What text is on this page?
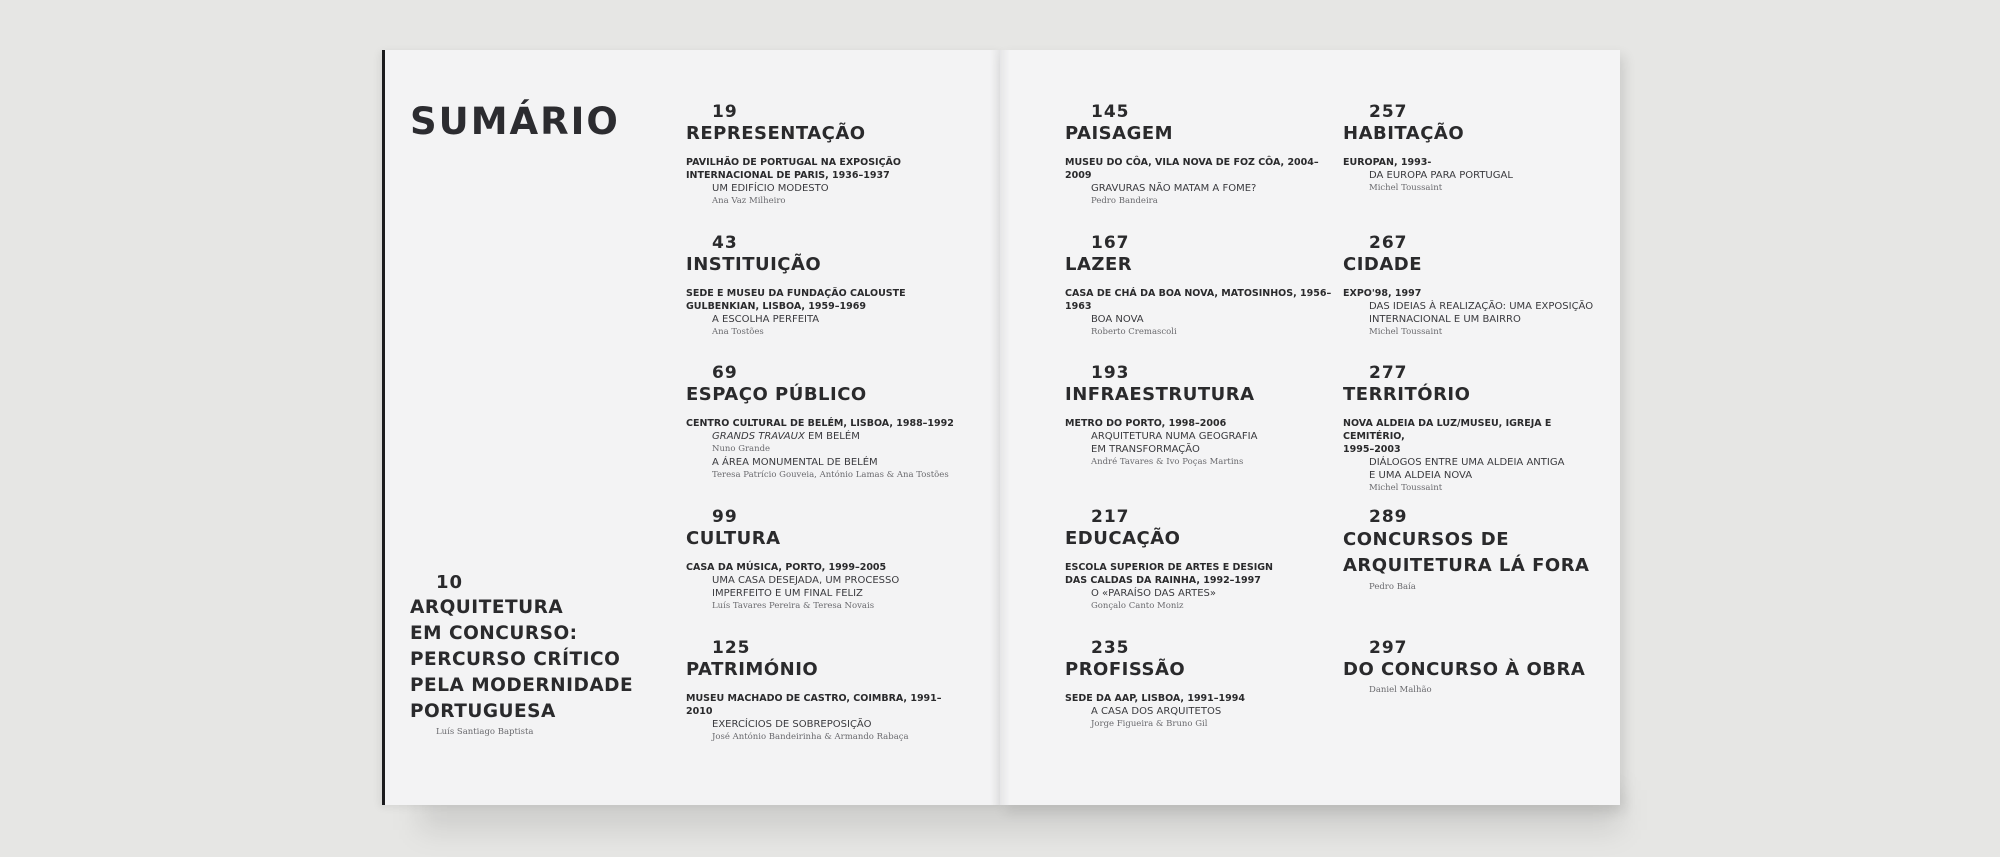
SUMÁRIO
10
ARQUITETURA
EM CONCURSO:
PERCURSO CRÍTICO
PELA MODERNIDADE
PORTUGUESA
Luís Santiago Baptista
19
REPRESENTAÇÃO
PAVILHÃO DE PORTUGAL NA EXPOSIÇÃO
INTERNACIONAL DE PARIS, 1936–1937
UM EDIFÍCIO MODESTO
Ana Vaz Milheiro
43
INSTITUIÇÃO
SEDE E MUSEU DA FUNDAÇÃO CALOUSTE
GULBENKIAN, LISBOA, 1959–1969
A ESCOLHA PERFEITA
Ana Tostões
69
ESPAÇO PÚBLICO
CENTRO CULTURAL DE BELÉM, LISBOA, 1988–1992
GRANDS TRAVAUX EM BELÉM
Nuno Grande
A ÁREA MONUMENTAL DE BELÉM
Teresa Patrício Gouveia, António Lamas & Ana Tostões
99
CULTURA
CASA DA MÚSICA, PORTO, 1999–2005
UMA CASA DESEJADA, UM PROCESSO
IMPERFEITO E UM FINAL FELIZ
Luís Tavares Pereira & Teresa Novais
125
PATRIMÓNIO
MUSEU MACHADO DE CASTRO, COIMBRA, 1991–2010
EXERCÍCIOS DE SOBREPOSIÇÃO
José António Bandeirinha & Armando Rabaça
145
PAISAGEM
MUSEU DO CÔA, VILA NOVA DE FOZ CÔA, 2004–2009
GRAVURAS NÃO MATAM A FOME?
Pedro Bandeira
167
LAZER
CASA DE CHÁ DA BOA NOVA, MATOSINHOS, 1956–1963
BOA NOVA
Roberto Cremascoli
193
INFRAESTRUTURA
METRO DO PORTO, 1998–2006
ARQUITETURA NUMA GEOGRAFIA
EM TRANSFORMAÇÃO
André Tavares & Ivo Poças Martins
217
EDUCAÇÃO
ESCOLA SUPERIOR DE ARTES E DESIGN
DAS CALDAS DA RAINHA, 1992–1997
O «PARAÍSO DAS ARTES»
Gonçalo Canto Moniz
235
PROFISSÃO
SEDE DA AAP, LISBOA, 1991–1994
A CASA DOS ARQUITETOS
Jorge Figueira & Bruno Gil
257
HABITAÇÃO
EUROPAN, 1993-
DA EUROPA PARA PORTUGAL
Michel Toussaint
267
CIDADE
EXPO'98, 1997
DAS IDEIAS À REALIZAÇÃO: UMA EXPOSIÇÃO
INTERNACIONAL E UM BAIRRO
Michel Toussaint
277
TERRITÓRIO
NOVA ALDEIA DA LUZ/MUSEU, IGREJA E CEMITÉRIO,
1995–2003
DIÁLOGOS ENTRE UMA ALDEIA ANTIGA
E UMA ALDEIA NOVA
Michel Toussaint
289
CONCURSOS DE
ARQUITETURA LÁ FORA
Pedro Baía
297
DO CONCURSO À OBRA
Daniel Malhão
